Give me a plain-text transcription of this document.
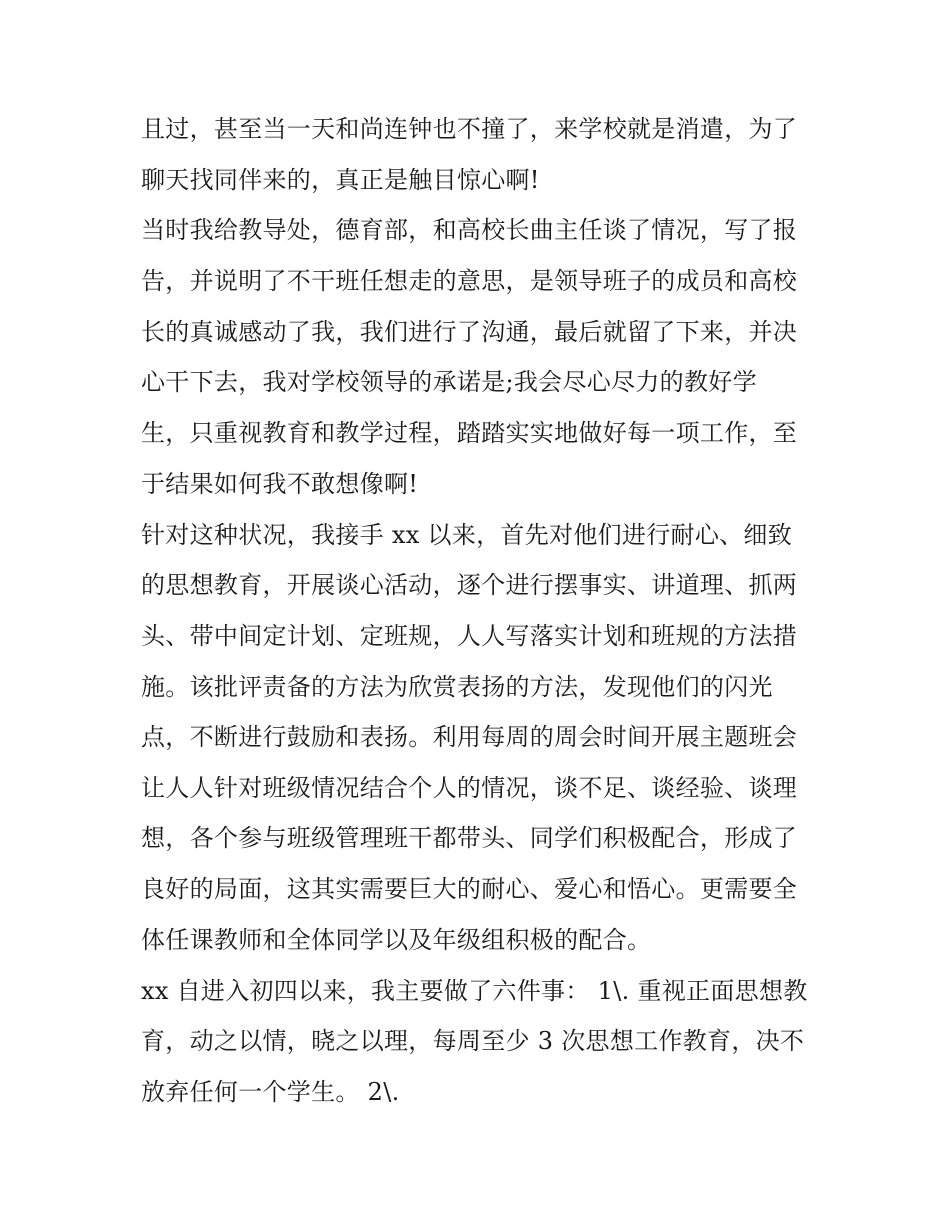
且过，甚至当一天和尚连钟也不撞了，来学校就是消遣，为了
聊天找同伴来的，真正是触目惊心啊!
当时我给教导处，德育部，和高校长曲主任谈了情况，写了报
告，并说明了不干班任想走的意思，是领导班子的成员和高校
长的真诚感动了我，我们进行了沟通，最后就留了下来，并决
心干下去，我对学校领导的承诺是;我会尽心尽力的教好学
生，只重视教育和教学过程，踏踏实实地做好每一项工作，至
于结果如何我不敢想像啊!
针对这种状况，我接手 xx 以来，首先对他们进行耐心、细致
的思想教育，开展谈心活动，逐个进行摆事实、讲道理、抓两
头、带中间定计划、定班规，人人写落实计划和班规的方法措
施。该批评责备的方法为欣赏表扬的方法，发现他们的闪光
点，不断进行鼓励和表扬。利用每周的周会时间开展主题班会
让人人针对班级情况结合个人的情况，谈不足、谈经验、谈理
想，各个参与班级管理班干都带头、同学们积极配合，形成了
良好的局面，这其实需要巨大的耐心、爱心和悟心。更需要全
体任课教师和全体同学以及年级组积极的配合。
xx 自进入初四以来，我主要做了六件事： 1\. 重视正面思想教
育，动之以情，晓之以理，每周至少 3 次思想工作教育，决不
放弃任何一个学生。 2\.
